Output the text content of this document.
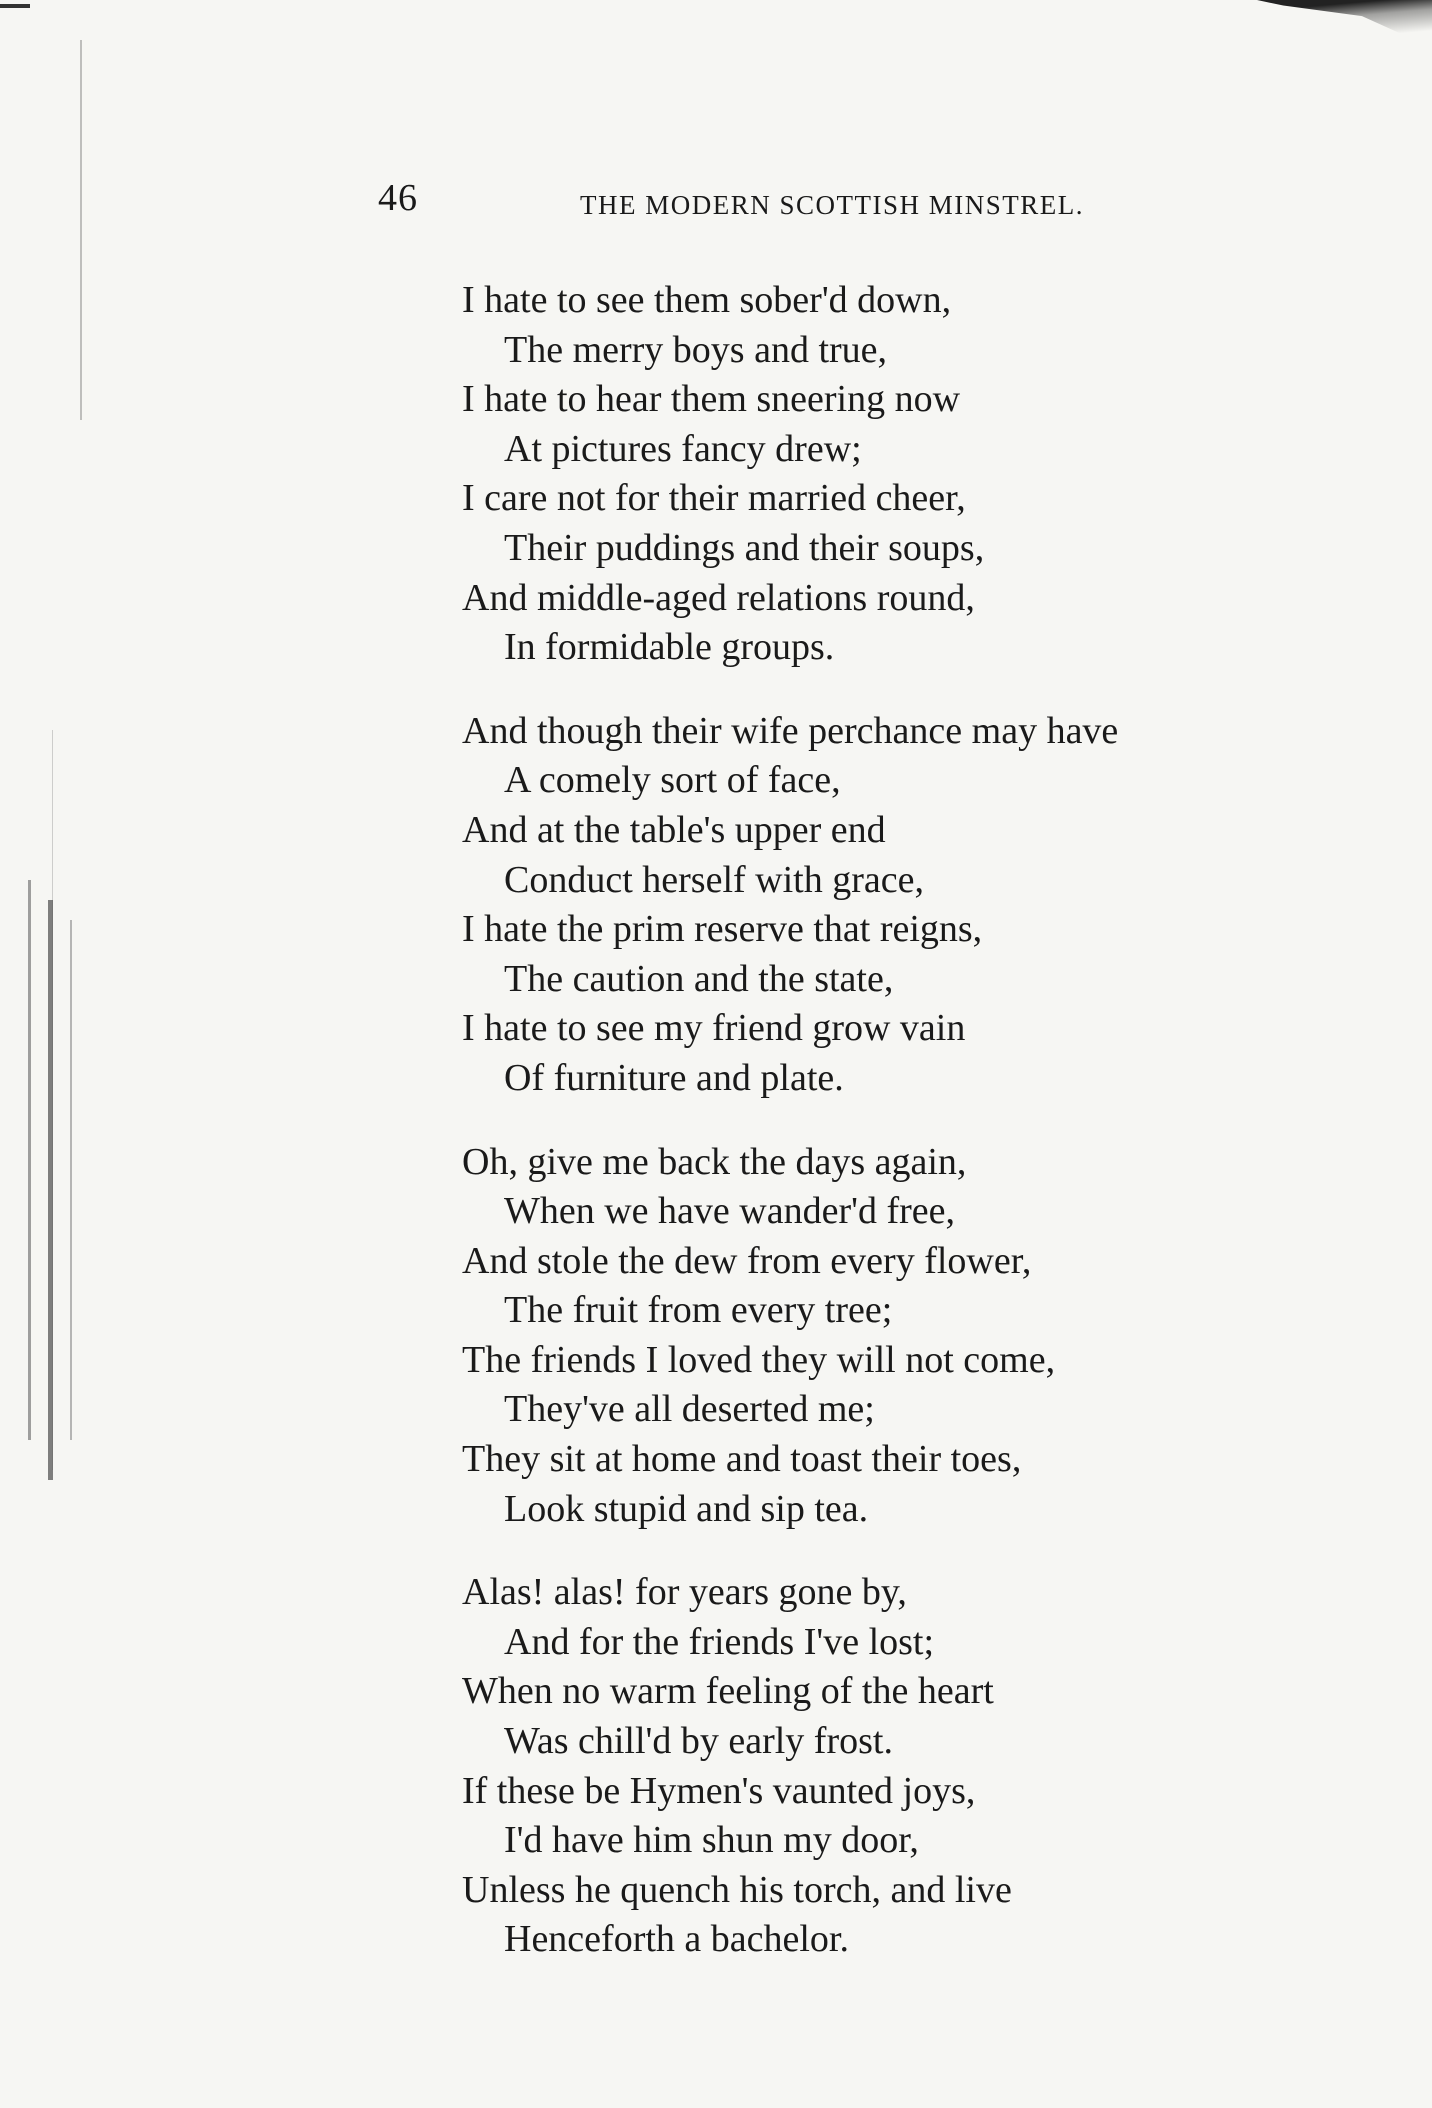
46	THE MODERN SCOTTISH MINSTREL.
I hate to see them sober'd down,
The merry boys and true,
I hate to hear them sneering now
At pictures fancy drew;
I care not for their married cheer,
Their puddings and their soups,
And middle-aged relations round,
In formidable groups.
And though their wife perchance may have
A comely sort of face,
And at the table's upper end
Conduct herself with grace,
I hate the prim reserve that reigns,
The caution and the state,
I hate to see my friend grow vain
Of furniture and plate.
Oh, give me back the days again,
When we have wander'd free,
And stole the dew from every flower,
The fruit from every tree;
The friends I loved they will not come,
They've all deserted me;
They sit at home and toast their toes,
Look stupid and sip tea.
Alas! alas! for years gone by,
And for the friends I've lost;
When no warm feeling of the heart
Was chill'd by early frost.
If these be Hymen's vaunted joys,
I'd have him shun my door,
Unless he quench his torch, and live
Henceforth a bachelor.
